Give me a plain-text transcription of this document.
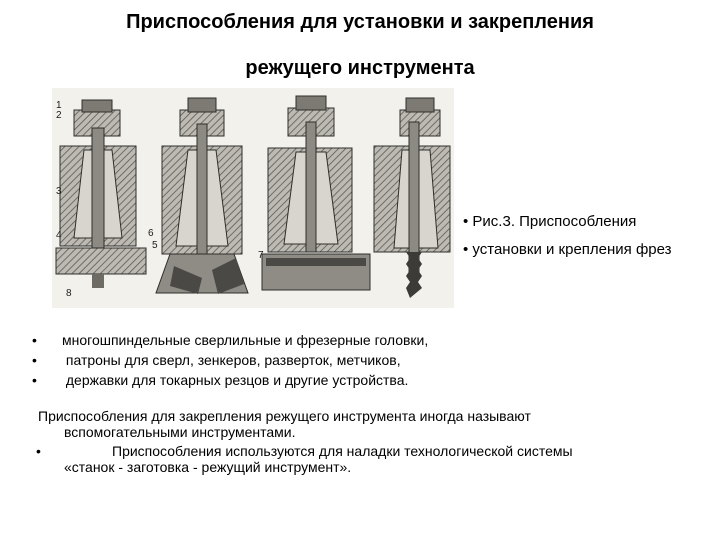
Приспособления для установки и закрепления
режущего инструмента
1
2
3
4
5
6
7
8
• Рис.3. Приспособления
• установки и крепления фрез
• многошпиндельные сверлильные и фрезерные головки,
• патроны для сверл, зенкеров, разверток, метчиков,
• державки для токарных резцов и другие устройства.
Приспособления для закрепления режущего инструмента иногда называют
вспомогательными инструментами.
•	Приспособления используются для наладки технологической системы
«станок - заготовка - режущий инструмент».
